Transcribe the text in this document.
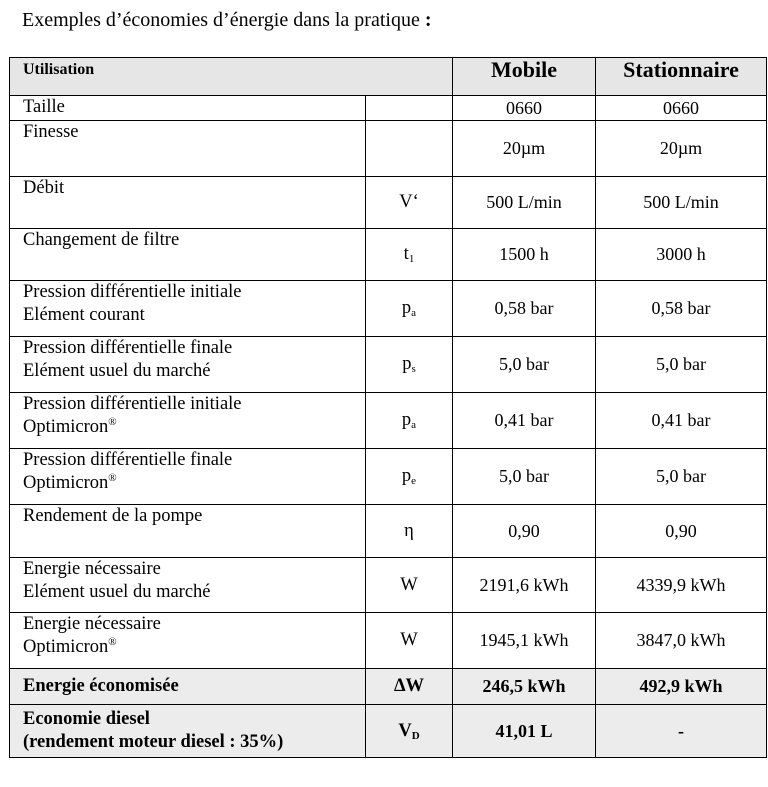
Exemples d’économies d’énergie dans la pratique :
Utilisation		Mobile	Stationnaire
Taille		0660	0660
Finesse		20µm	20µm
Débit	V‘	500 L/min	500 L/min
Changement de filtre	$t_1$	1500 h	3000 h
Pression différentielle initiale
Elément courant	$p_a$	0,58 bar	0,58 bar
Pression différentielle finale
Elément usuel du marché	$p_s$	5,0 bar	5,0 bar
Pression différentielle initiale
Optimicron®	$p_a$	0,41 bar	0,41 bar
Pression différentielle finale
Optimicron®	$p_e$	5,0 bar	5,0 bar
Rendement de la pompe	η	0,90	0,90
Energie nécessaire
Elément usuel du marché	W	2191,6 kWh	4339,9 kWh
Energie nécessaire
Optimicron®	W	1945,1 kWh	3847,0 kWh
Energie économisée	ΔW	246,5 kWh	492,9 kWh
Economie diesel
(rendement moteur diesel : 35%)	$V_D$	41,01 L	-
